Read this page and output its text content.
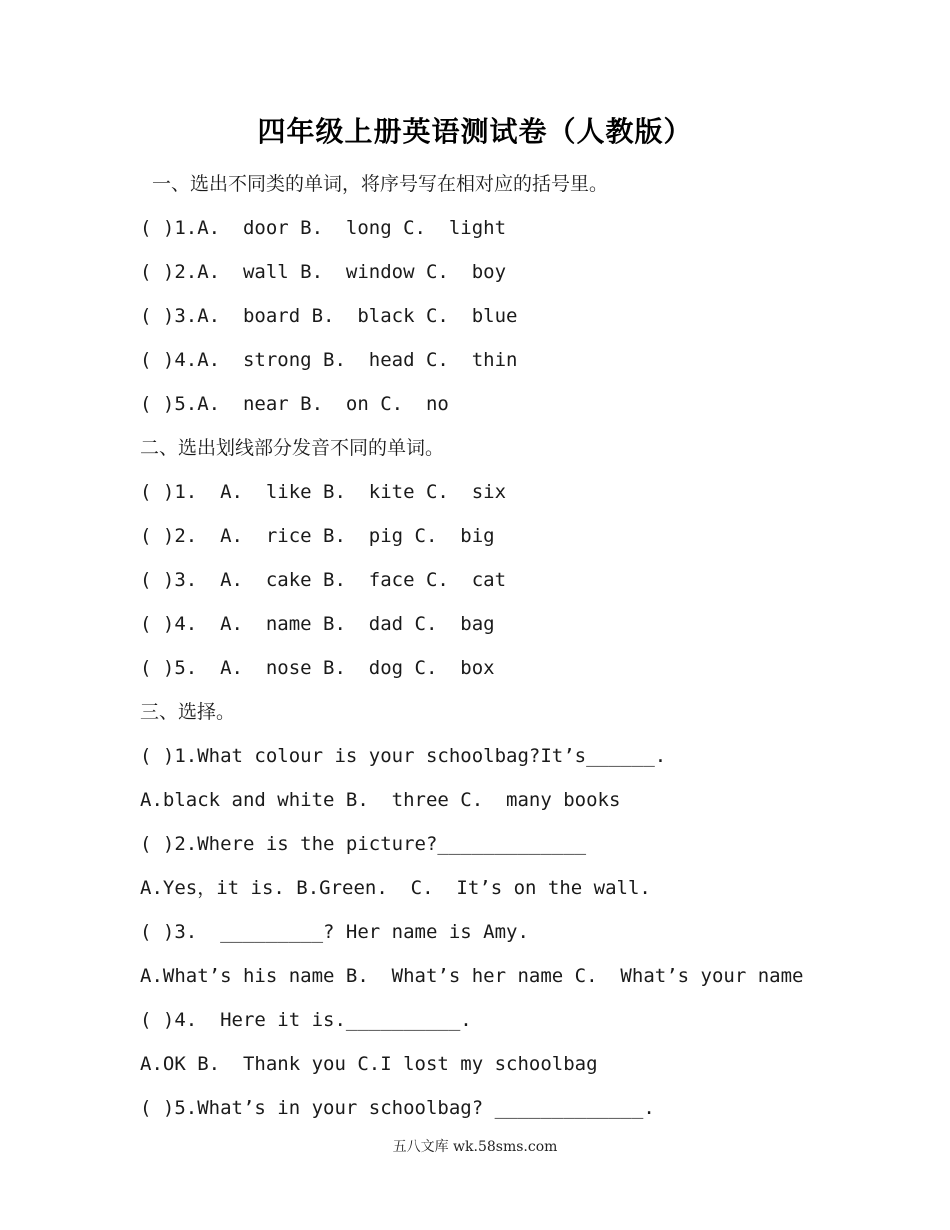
四年级上册英语测试卷（人教版）
一、选出不同类的单词，将序号写在相对应的括号里。
( )1.A.  door B.  long C.  light
( )2.A.  wall B.  window C.  boy
( )3.A.  board B.  black C.  blue
( )4.A.  strong B.  head C.  thin
( )5.A.  near B.  on C.  no
二、选出划线部分发音不同的单词。
( )1.  A.  like B.  kite C.  six
( )2.  A.  rice B.  pig C.  big
( )3.  A.  cake B.  face C.  cat
( )4.  A.  name B.  dad C.  bag
( )5.  A.  nose B.  dog C.  box
三、选择。
( )1.What colour is your schoolbag?It’s______.
A.black and white B.  three C.  many books
( )2.Where is the picture?_____________
A.Yes，it is. B.Green.  C.  It’s on the wall.
( )3.  _________? Her name is Amy.
A.What’s his name B.  What’s her name C.  What’s your name
( )4.  Here it is.__________.
A.OK B.  Thank you C.I lost my schoolbag
( )5.What’s in your schoolbag? _____________.
五八文库 wk.58sms.com
